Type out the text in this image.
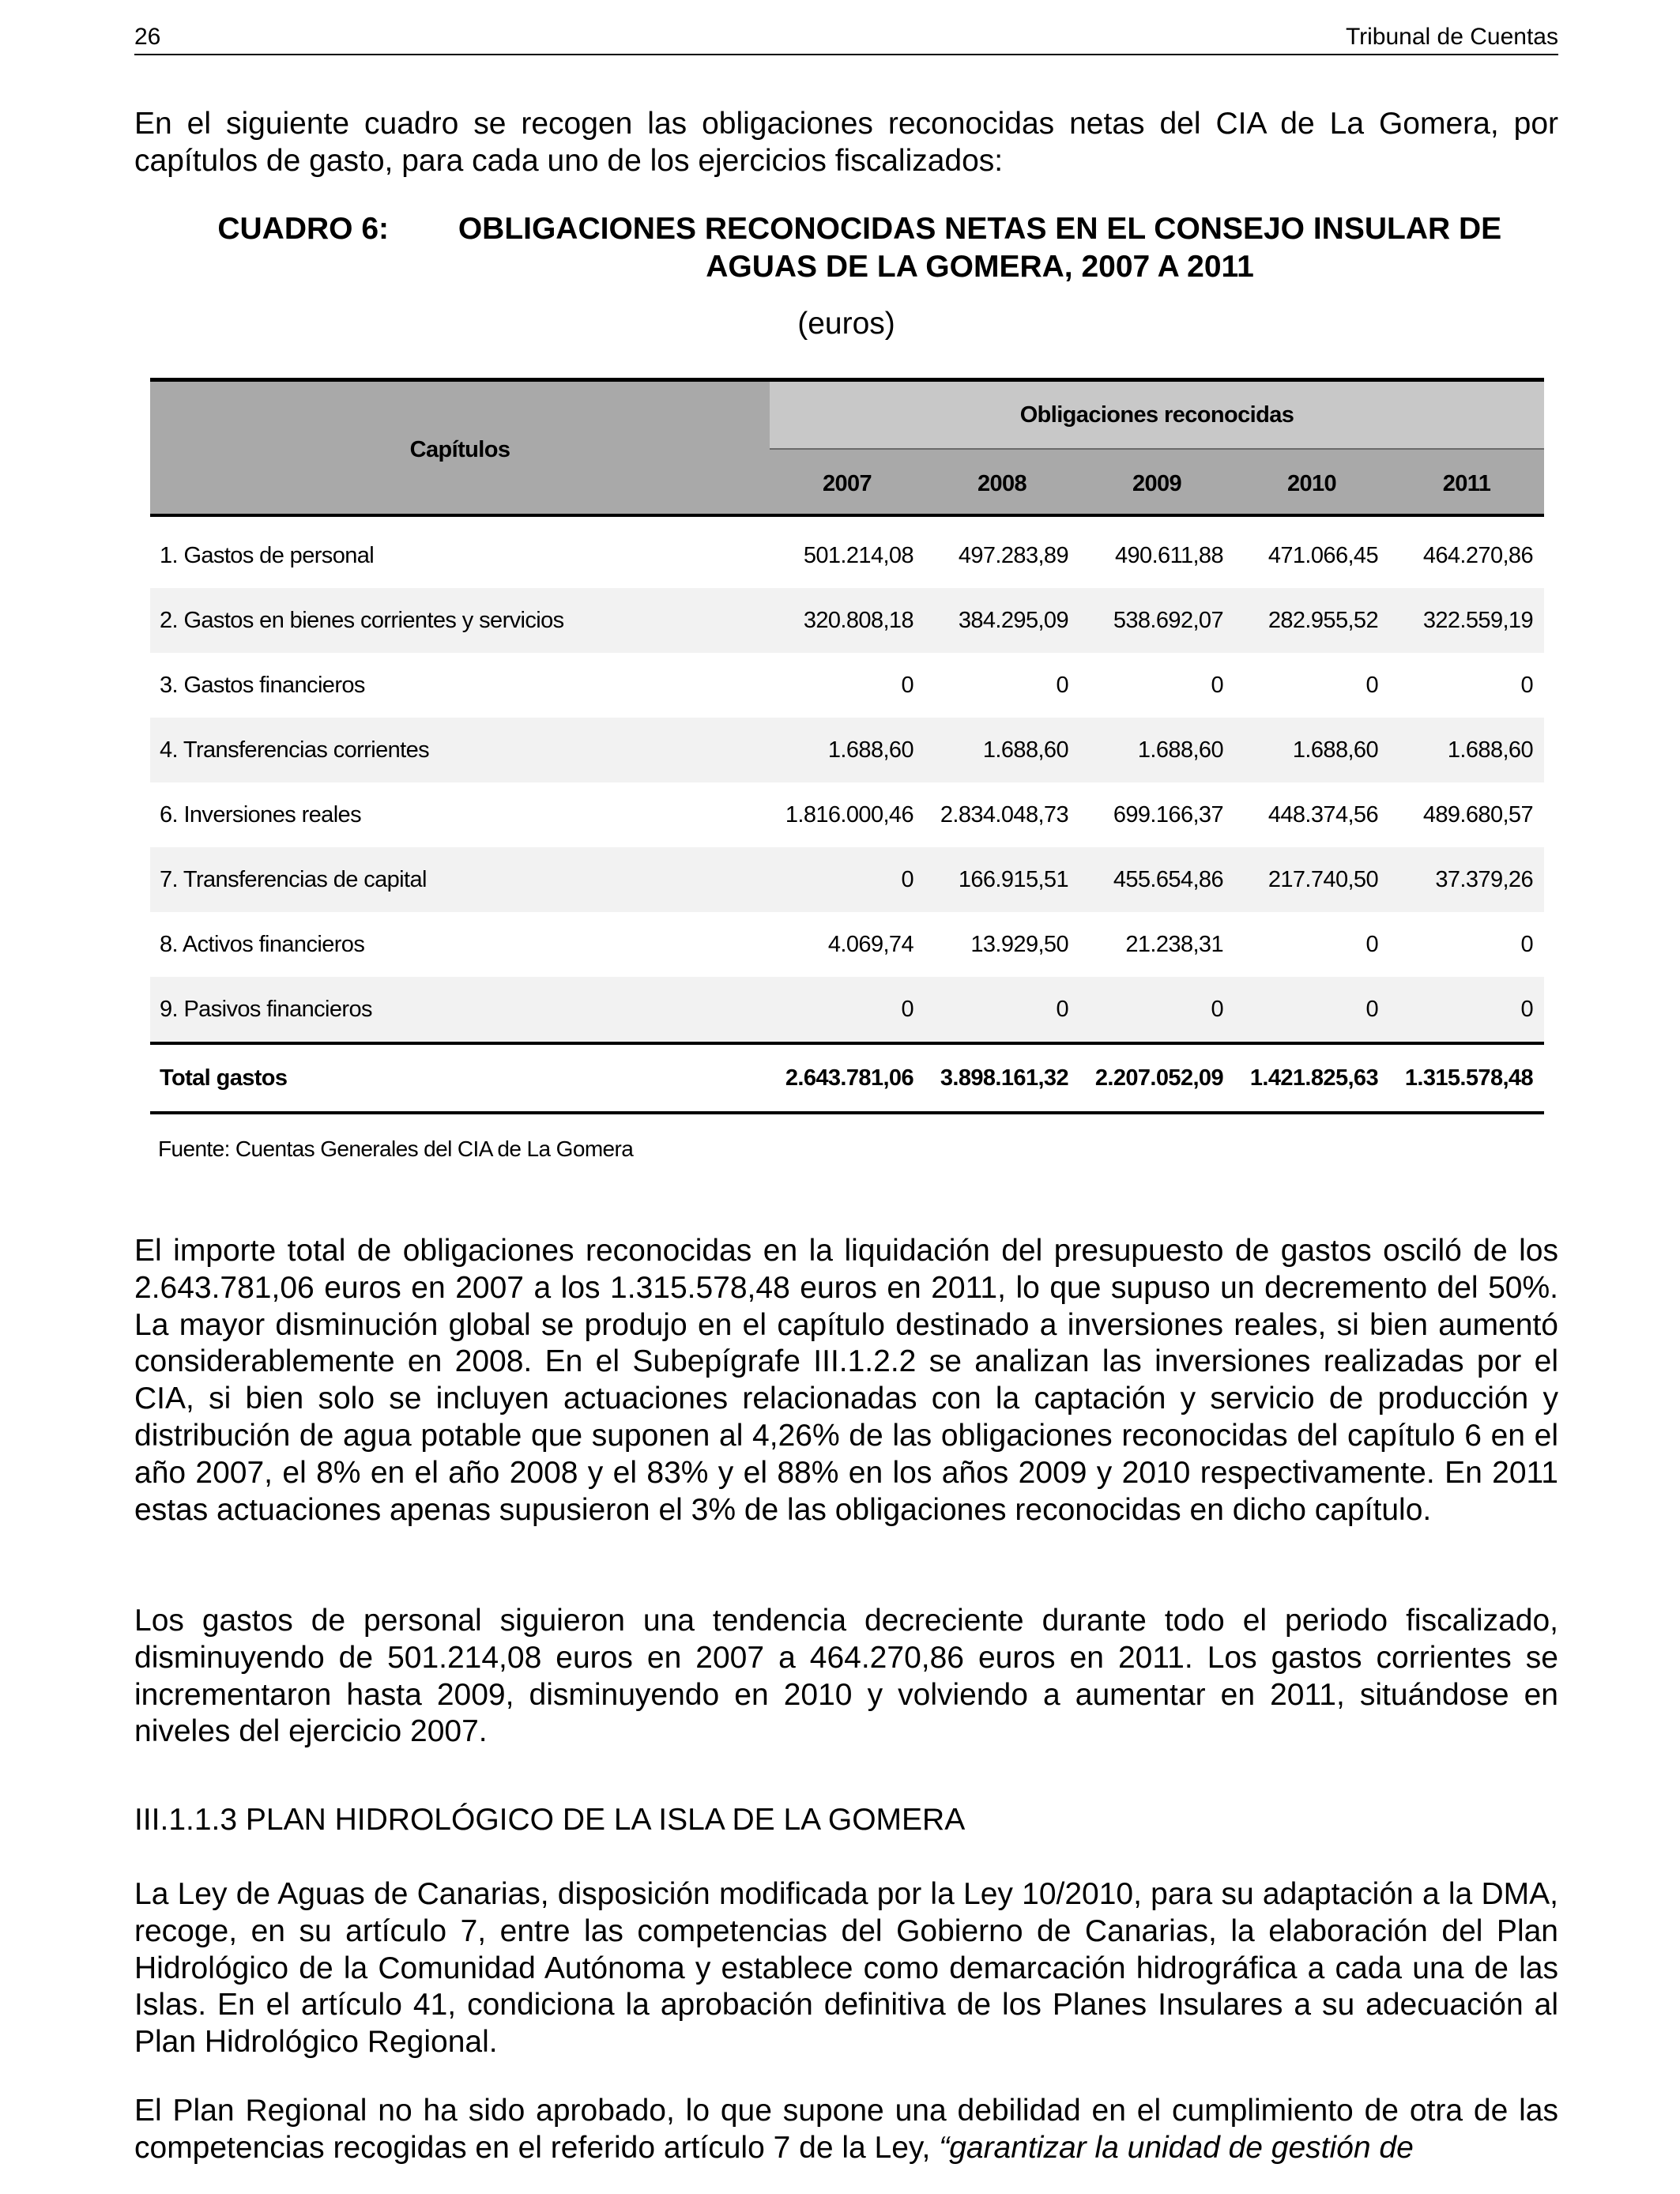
26	Tribunal de Cuentas

En el siguiente cuadro se recogen las obligaciones reconocidas netas del CIA de La Gomera, por capítulos de gasto, para cada uno de los ejercicios fiscalizados:

CUADRO 6:	OBLIGACIONES RECONOCIDAS NETAS EN EL CONSEJO INSULAR DE
AGUAS DE LA GOMERA, 2007 A 2011
(euros)
Capítulos
Obligaciones reconocidas
2007	2008	2009	2010	2011
1. Gastos de personal	501.214,08	497.283,89	490.611,88	471.066,45	464.270,86
2. Gastos en bienes corrientes y servicios	320.808,18	384.295,09	538.692,07	282.955,52	322.559,19
3. Gastos financieros	0	0	0	0	0
4. Transferencias corrientes	1.688,60	1.688,60	1.688,60	1.688,60	1.688,60
6. Inversiones reales	1.816.000,46	2.834.048,73	699.166,37	448.374,56	489.680,57
7. Transferencias de capital	0	166.915,51	455.654,86	217.740,50	37.379,26
8. Activos financieros	4.069,74	13.929,50	21.238,31	0	0
9. Pasivos financieros	0	0	0	0	0
Total gastos	2.643.781,06	3.898.161,32	2.207.052,09	1.421.825,63	1.315.578,48
Fuente: Cuentas Generales del CIA de La Gomera

El importe total de obligaciones reconocidas en la liquidación del presupuesto de gastos osciló de los 2.643.781,06 euros en 2007 a los 1.315.578,48 euros en 2011, lo que supuso un decremento del 50%. La mayor disminución global se produjo en el capítulo destinado a inversiones reales, si bien aumentó considerablemente en 2008. En el Subepígrafe III.1.2.2 se analizan las inversiones realizadas por el CIA, si bien solo se incluyen actuaciones relacionadas con la captación y servicio de producción y distribución de agua potable que suponen al 4,26% de las obligaciones reconocidas del capítulo 6 en el año 2007, el 8% en el año 2008 y el 83% y el 88% en los años 2009 y 2010 respectivamente. En 2011 estas actuaciones apenas supusieron el 3% de las obligaciones reconocidas en dicho capítulo.

Los gastos de personal siguieron una tendencia decreciente durante todo el periodo fiscalizado, disminuyendo de 501.214,08 euros en 2007 a 464.270,86 euros en 2011. Los gastos corrientes se incrementaron hasta 2009, disminuyendo en 2010 y volviendo a aumentar en 2011, situándose en niveles del ejercicio 2007.

III.1.1.3 PLAN HIDROLÓGICO DE LA ISLA DE LA GOMERA

La Ley de Aguas de Canarias, disposición modificada por la Ley 10/2010, para su adaptación a la DMA, recoge, en su artículo 7, entre las competencias del Gobierno de Canarias, la elaboración del Plan Hidrológico de la Comunidad Autónoma y establece como demarcación hidrográfica a cada una de las Islas. En el artículo 41, condiciona la aprobación definitiva de los Planes Insulares a su adecuación al Plan Hidrológico Regional.

El Plan Regional no ha sido aprobado, lo que supone una debilidad en el cumplimiento de otra de las competencias recogidas en el referido artículo 7 de la Ley, “garantizar la unidad de gestión de
